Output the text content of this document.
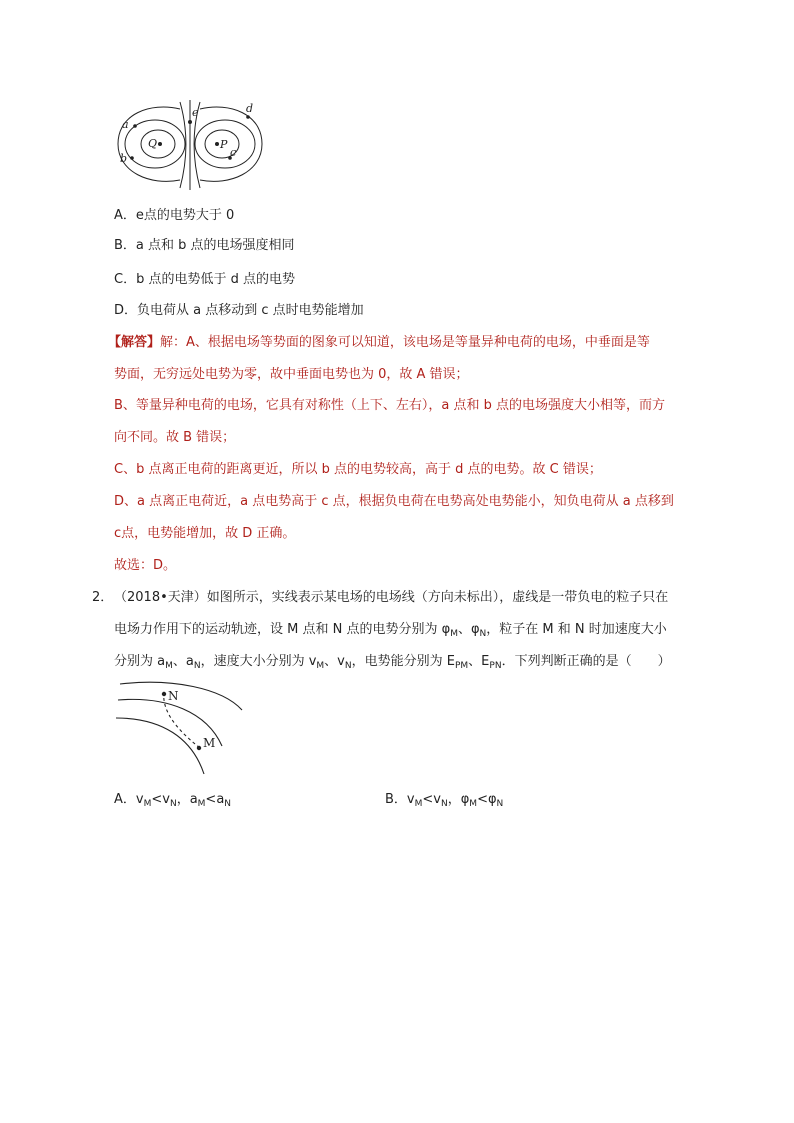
a
b
e	d
c
Q	P
A．e点的电势大于 0
B．a 点和 b 点的电场强度相同
C．b 点的电势低于 d 点的电势
D．负电荷从 a 点移动到 c 点时电势能增加
【解答】解：A、根据电场等势面的图象可以知道，该电场是等量异种电荷的电场，中垂面是等
势面，无穷远处电势为零，故中垂面电势也为 0，故 A 错误；
B、等量异种电荷的电场，它具有对称性（上下、左右），a 点和 b 点的电场强度大小相等，而方
向不同。故 B 错误；
C、b 点离正电荷的距离更近，所以 b 点的电势较高，高于 d 点的电势。故 C 错误；
D、a 点离正电荷近，a 点电势高于 c 点，根据负电荷在电势高处电势能小，知负电荷从 a 点移到
c点，电势能增加，故 D 正确。
故选：D。
2． （2018•天津）如图所示，实线表示某电场的电场线（方向未标出），虚线是一带负电的粒子只在
电场力作用下的运动轨迹，设 M 点和 N 点的电势分别为 $\varphi_M$、$\varphi_N$，粒子在 M 和 N 时加速度大小
分别为 $a_M$、$a_N$，速度大小分别为 $v_M$、$v_N$，电势能分别为 $E_{PM}$、$E_{PN}$．下列判断正确的是（　　）
N
M
A．$v_M<v_N$，$a_M<a_N$	B．$v_M<v_N$，$\varphi_M<\varphi_N$
